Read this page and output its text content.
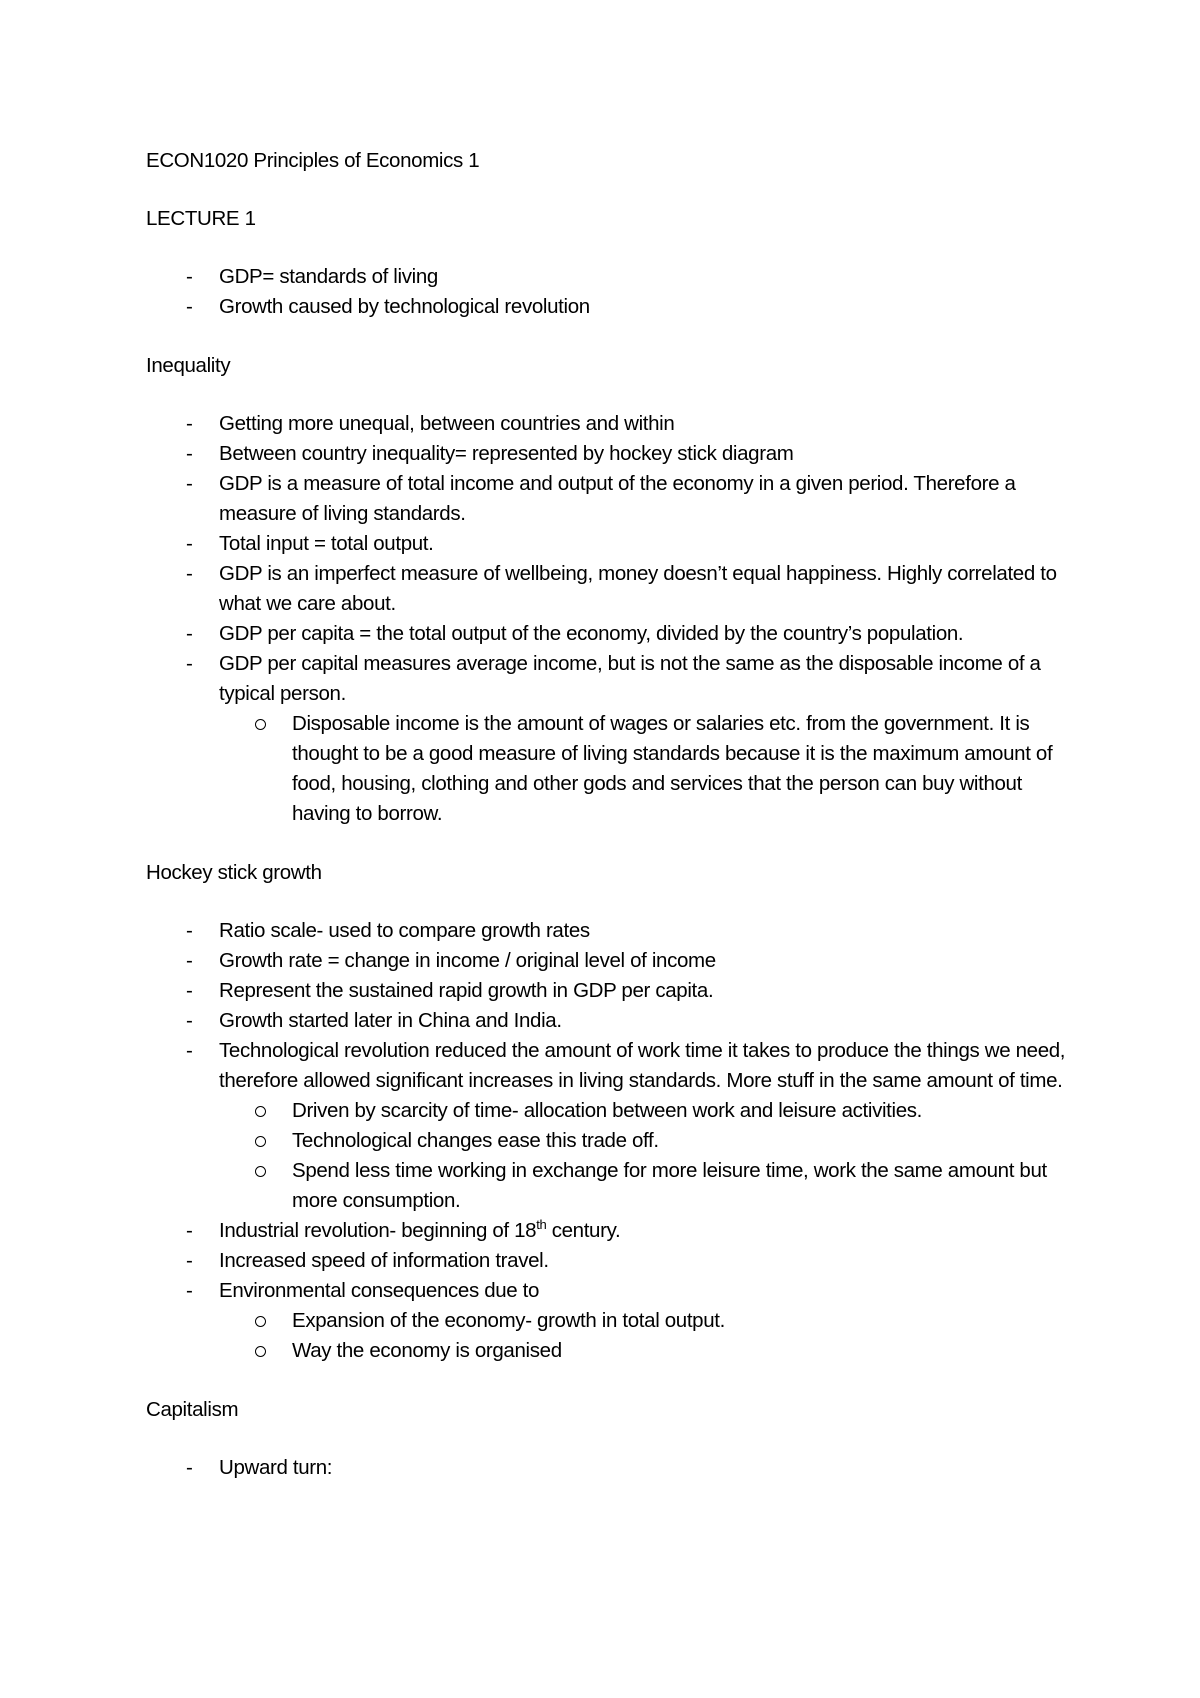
ECON1020 Principles of Economics 1

LECTURE 1

- GDP= standards of living
- Growth caused by technological revolution

Inequality

- Getting more unequal, between countries and within
- Between country inequality= represented by hockey stick diagram
- GDP is a measure of total income and output of the economy in a given period. Therefore a measure of living standards.
- Total input = total output.
- GDP is an imperfect measure of wellbeing, money doesn’t equal happiness. Highly correlated to what we care about.
- GDP per capita = the total output of the economy, divided by the country’s population.
- GDP per capital measures average income, but is not the same as the disposable income of a typical person.
Disposable income is the amount of wages or salaries etc. from the government. It is thought to be a good measure of living standards because it is the maximum amount of food, housing, clothing and other gods and services that the person can buy without having to borrow.

Hockey stick growth

- Ratio scale- used to compare growth rates
- Growth rate = change in income / original level of income
- Represent the sustained rapid growth in GDP per capita.
- Growth started later in China and India.
- Technological revolution reduced the amount of work time it takes to produce the things we need, therefore allowed significant increases in living standards. More stuff in the same amount of time.
Driven by scarcity of time- allocation between work and leisure activities.
Technological changes ease this trade off.
Spend less time working in exchange for more leisure time, work the same amount but more consumption.
- Industrial revolution- beginning of 18th century.
- Increased speed of information travel.
- Environmental consequences due to
Expansion of the economy- growth in total output.
Way the economy is organised

Capitalism

- Upward turn:
